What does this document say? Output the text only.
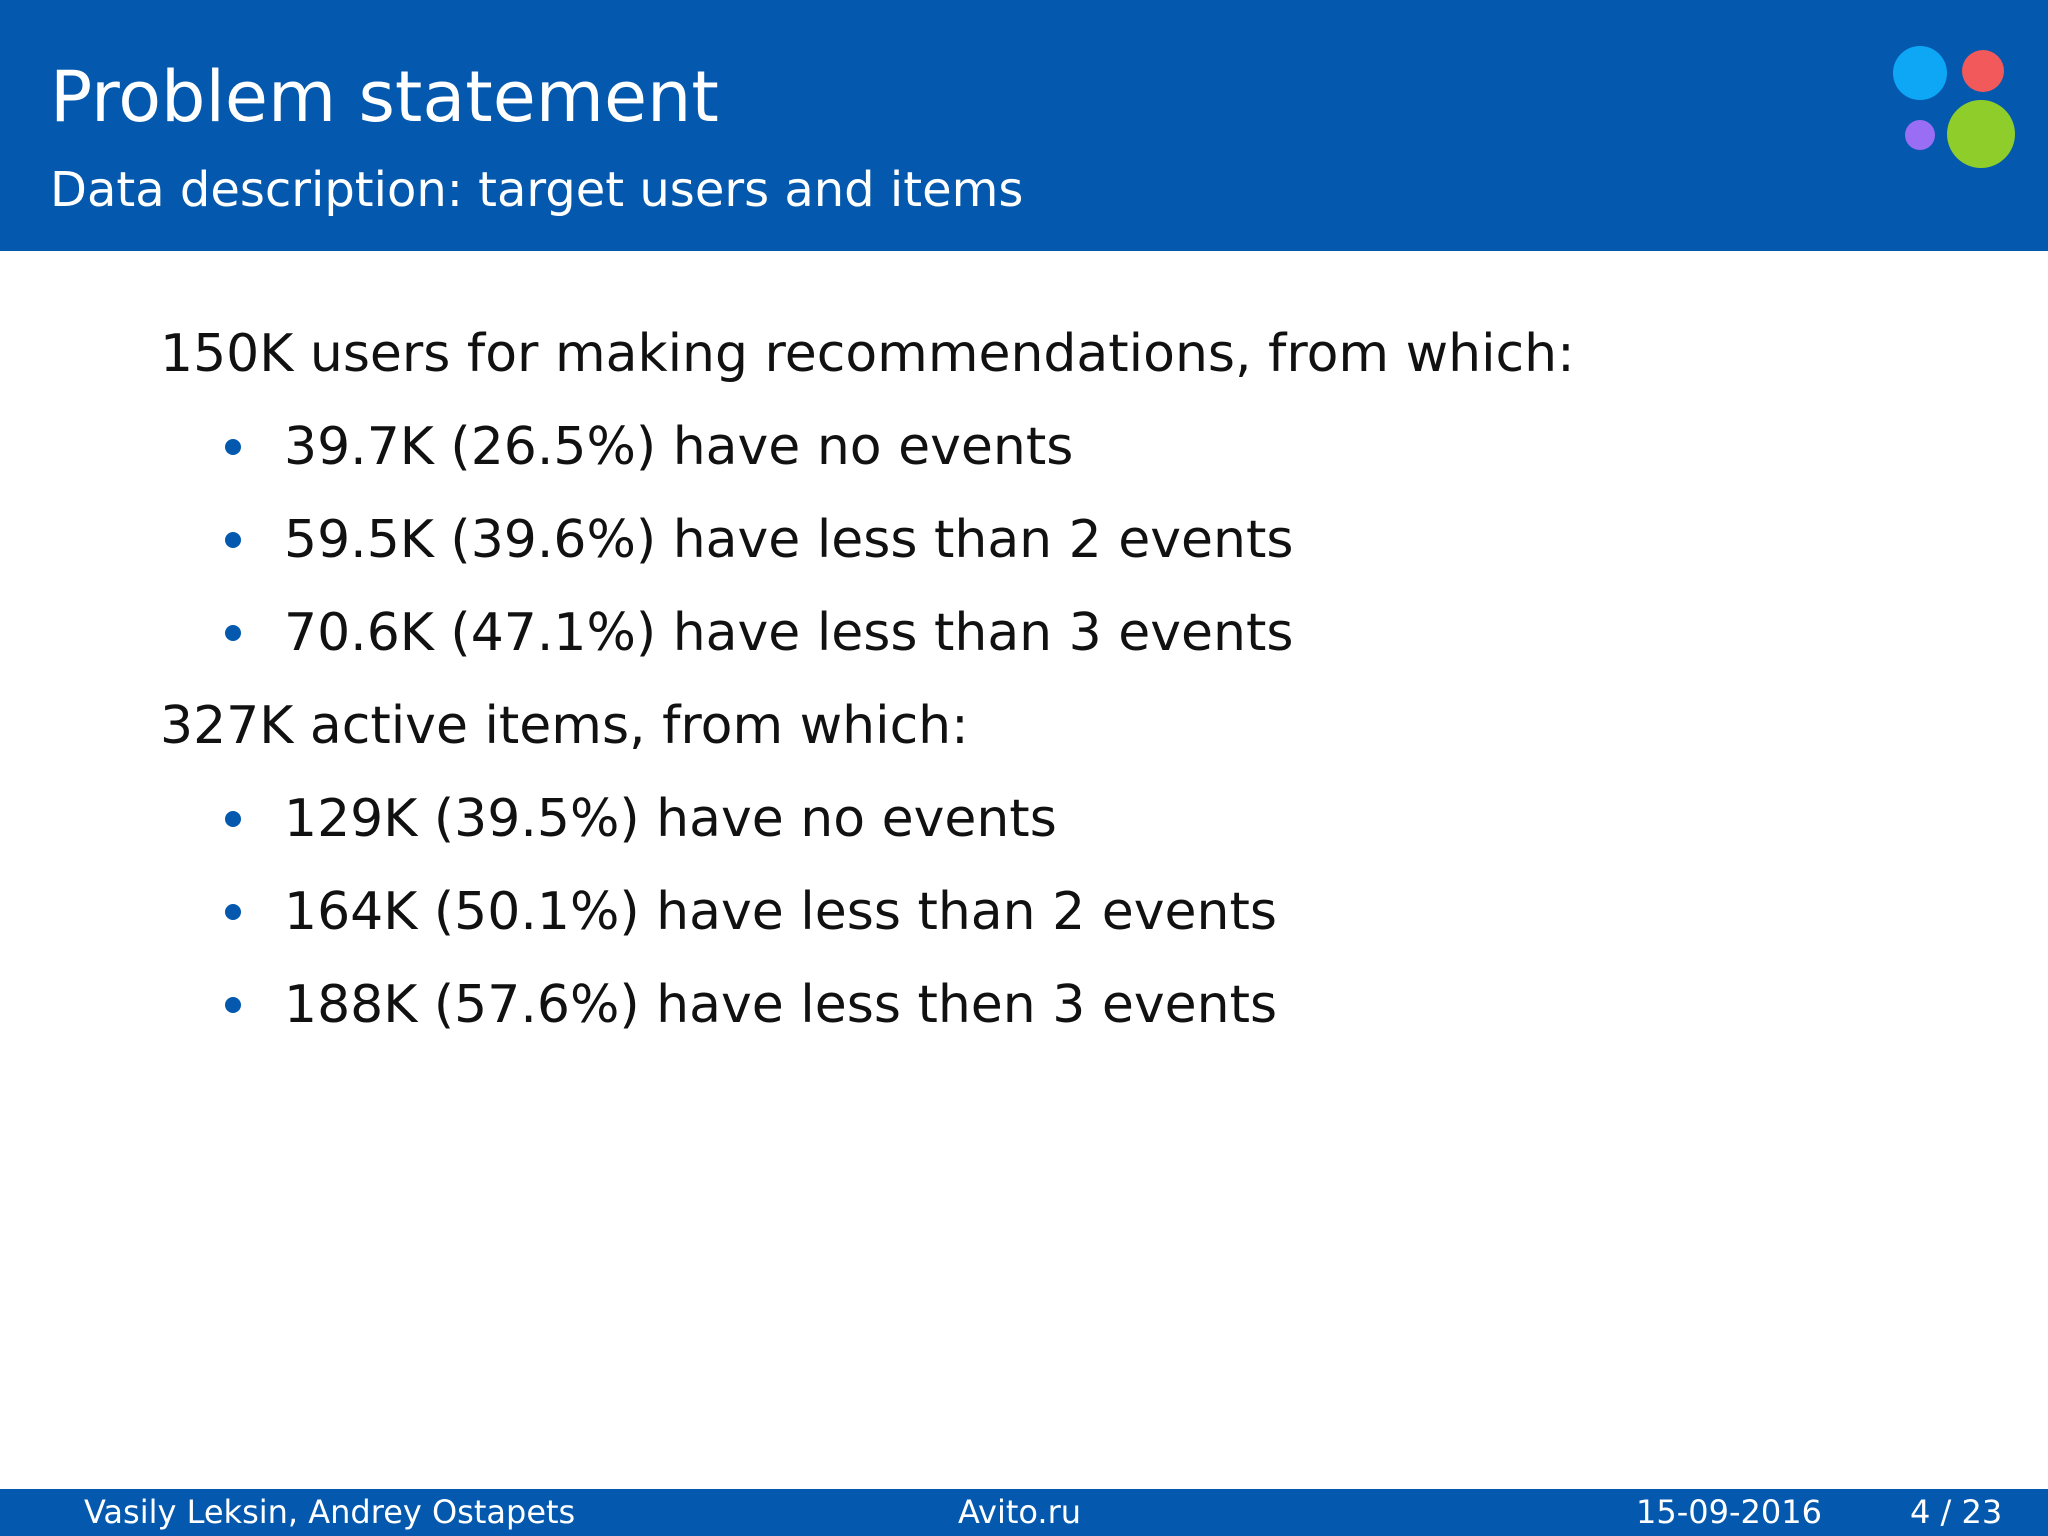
Problem statement
Data description: target users and items
150K users for making recommendations, from which:
39.7K (26.5%) have no events
59.5K (39.6%) have less than 2 events
70.6K (47.1%) have less than 3 events
327K active items, from which:
129K (39.5%) have no events
164K (50.1%) have less than 2 events
188K (57.6%) have less then 3 events
Vasily Leksin, Andrey Ostapets	Avito.ru	15-09-2016	4 / 23
